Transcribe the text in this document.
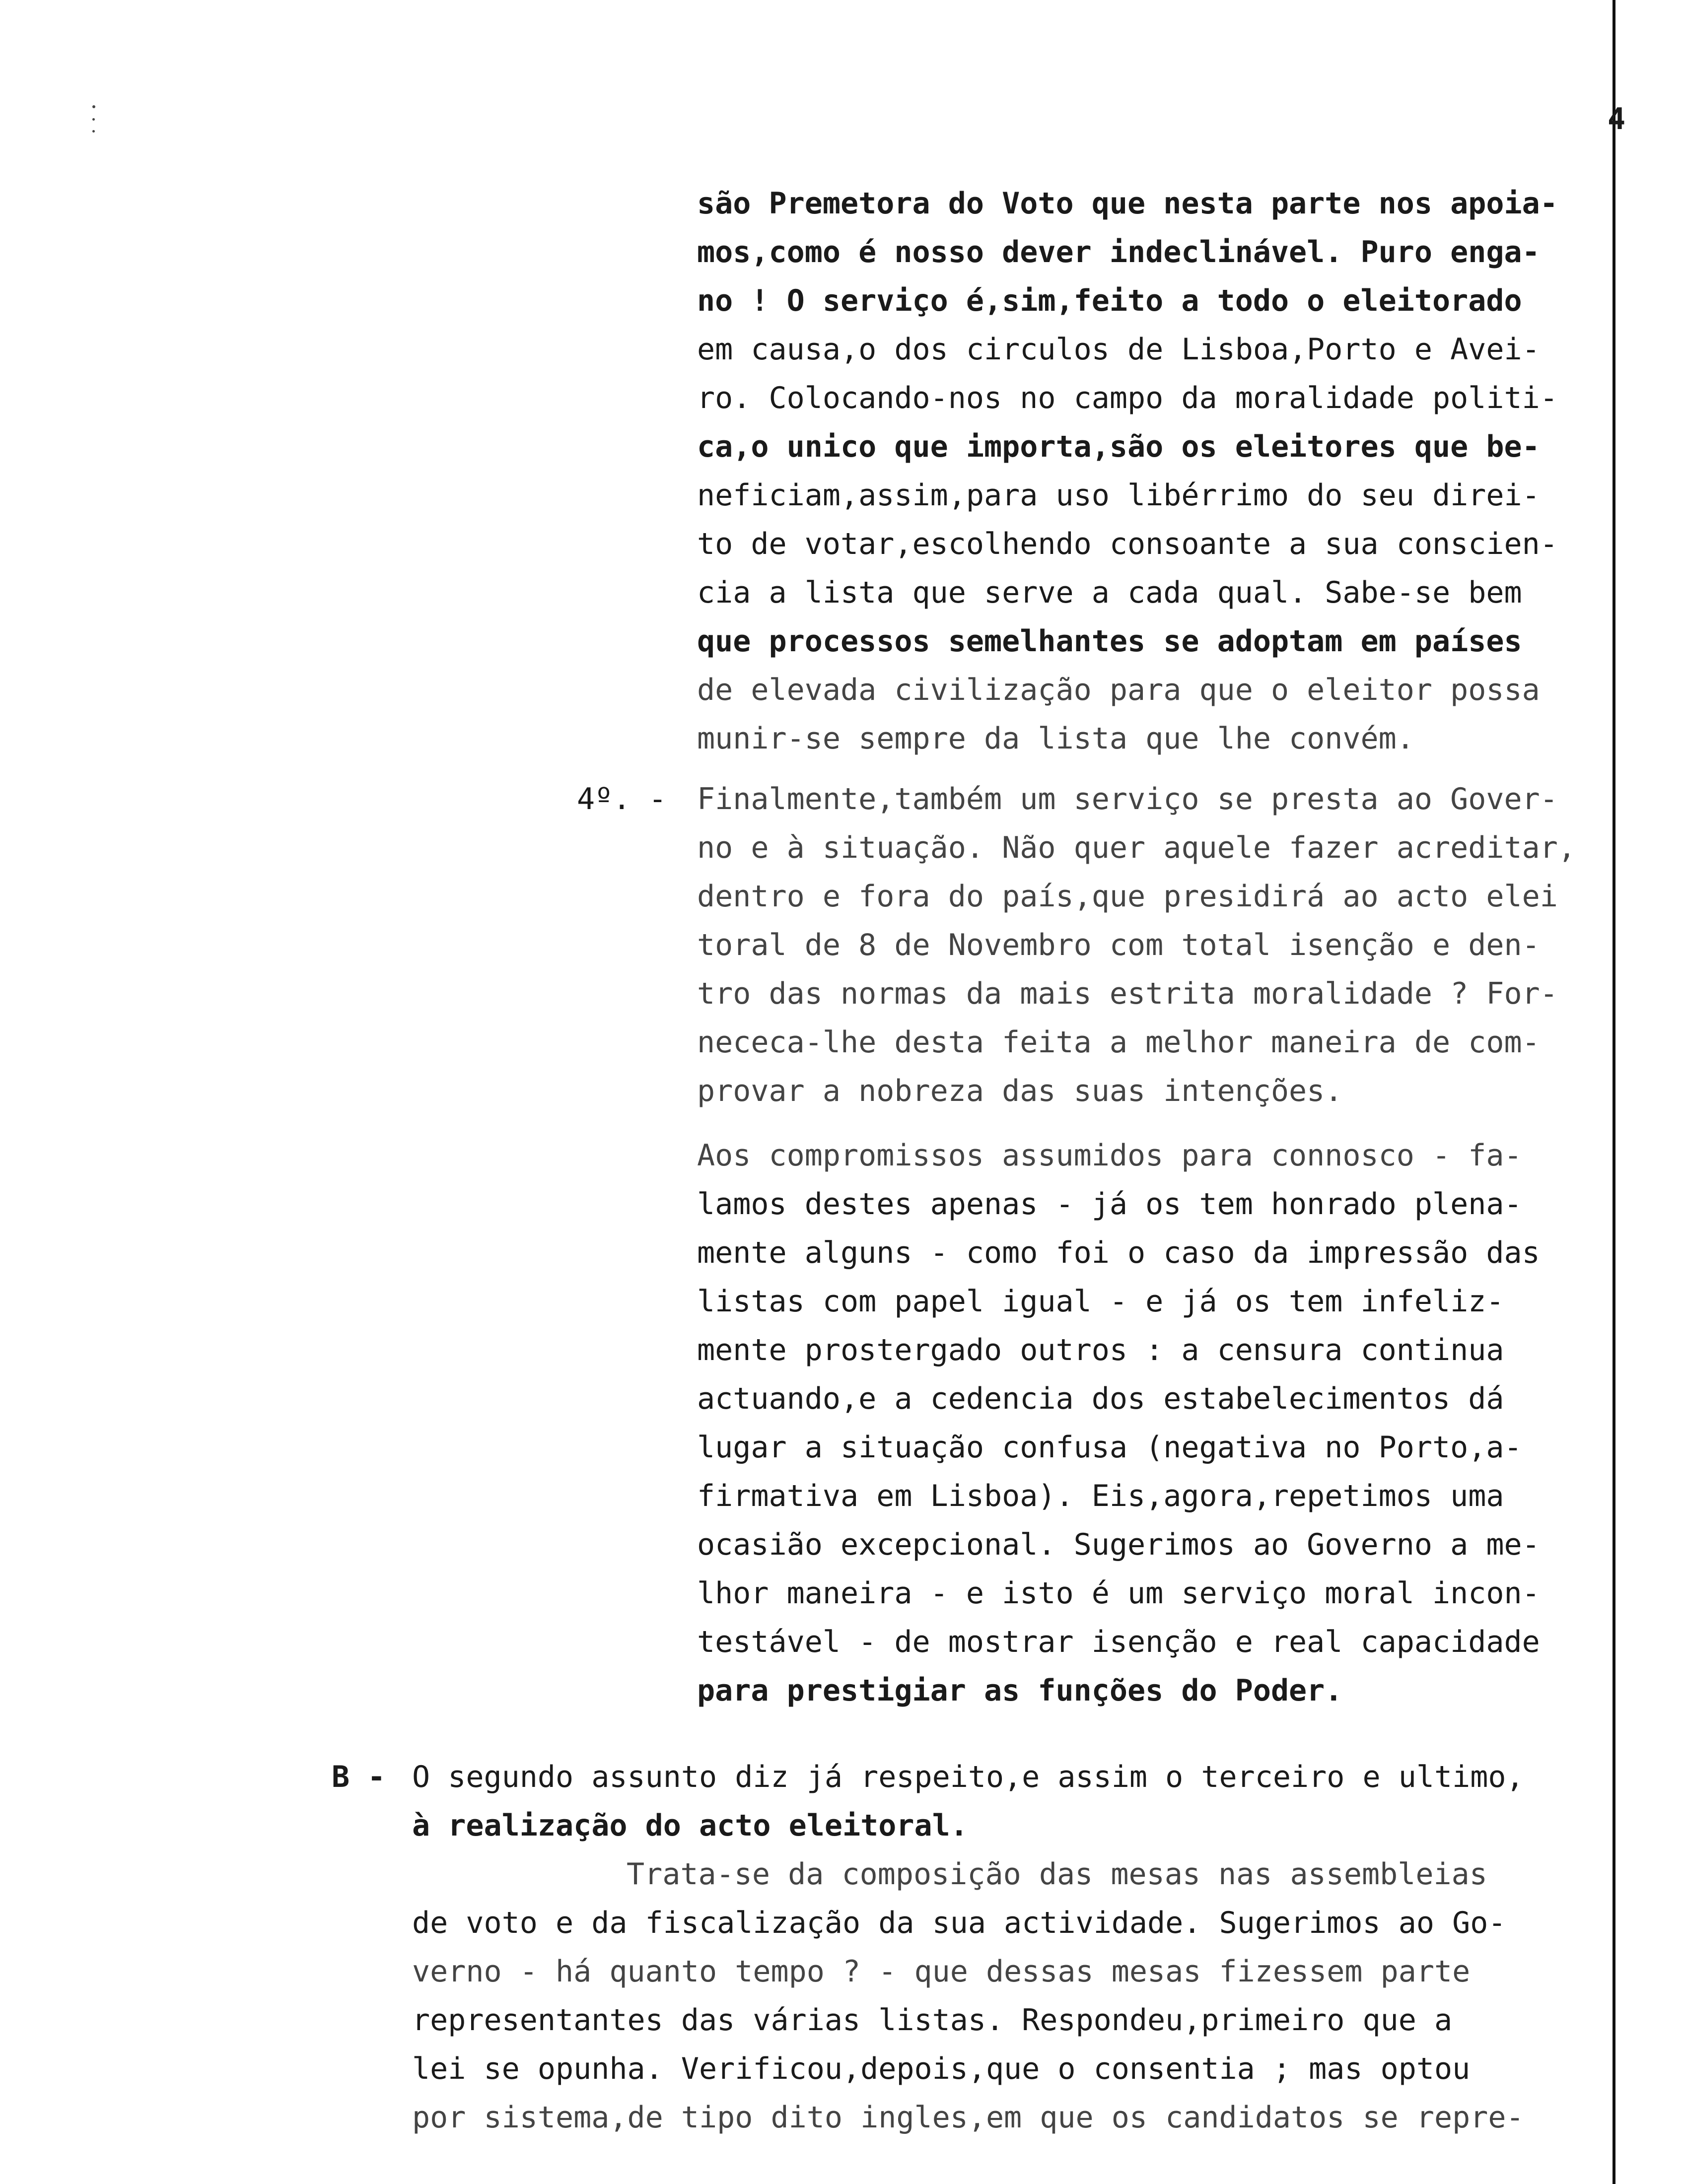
4

são Premetora do Voto que nesta parte nos apoia-

mos,como é nosso dever indeclinável. Puro enga-

no ! O serviço é,sim,feito a todo o eleitorado

em causa,o dos circulos de Lisboa,Porto e Avei-

ro. Colocando-nos no campo da moralidade politi-

ca,o unico que importa,são os eleitores que be-

neficiam,assim,para uso libérrimo do seu direi-

to de votar,escolhendo consoante a sua conscien-

cia a lista que serve a cada qual. Sabe-se bem

que processos semelhantes se adoptam em países

de elevada civilização para que o eleitor possa

munir-se sempre da lista que lhe convém.

4º. - Finalmente,também um serviço se presta ao Gover-

no e à situação. Não quer aquele fazer acreditar,

dentro e fora do país,que presidirá ao acto elei

toral de 8 de Novembro com total isenção e den-

tro das normas da mais estrita moralidade ? For-

nececa-lhe desta feita a melhor maneira de com-

provar a nobreza das suas intenções.

Aos compromissos assumidos para connosco - fa-

lamos destes apenas - já os tem honrado plena-

mente alguns - como foi o caso da impressão das

listas com papel igual - e já os tem infeliz-

mente prostergado outros : a censura continua

actuando,e a cedencia dos estabelecimentos dá

lugar a situação confusa (negativa no Porto,a-

firmativa em Lisboa). Eis,agora,repetimos uma

ocasião excepcional. Sugerimos ao Governo a me-

lhor maneira - e isto é um serviço moral incon-

testável - de mostrar isenção e real capacidade

para prestigiar as funções do Poder.

B - O segundo assunto diz já respeito,e assim o terceiro e ultimo,

à realização do acto eleitoral.

Trata-se da composição das mesas nas assembleias

de voto e da fiscalização da sua actividade. Sugerimos ao Go-

verno - há quanto tempo ? - que dessas mesas fizessem parte

representantes das várias listas. Respondeu,primeiro que a

lei se opunha. Verificou,depois,que o consentia ; mas optou

por sistema,de tipo dito ingles,em que os candidatos se repre-
